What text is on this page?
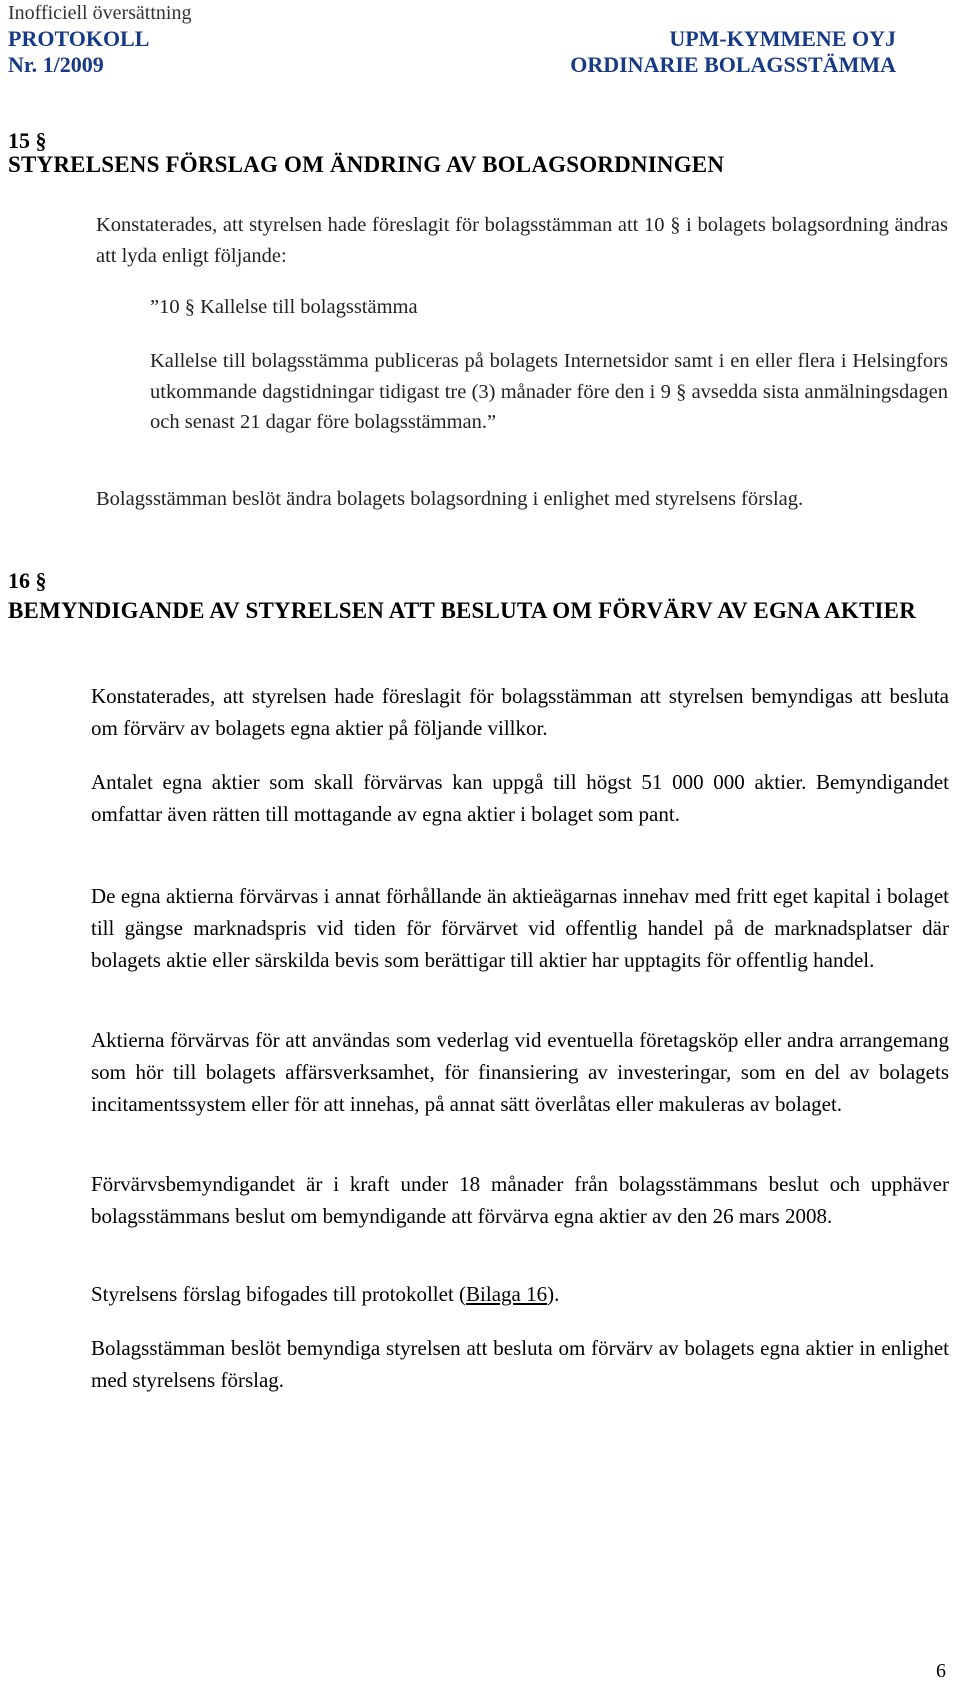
Inofficiell översättning
PROTOKOLL
Nr. 1/2009
UPM-KYMMENE OYJ
ORDINARIE BOLAGSSTÄMMA
15 §
STYRELSENS FÖRSLAG OM ÄNDRING AV BOLAGSORDNINGEN
Konstaterades, att styrelsen hade föreslagit för bolagsstämman att 10 § i bolagets bolagsordning ändras att lyda enligt följande:
”10 § Kallelse till bolagsstämma
Kallelse till bolagsstämma publiceras på bolagets Internetsidor samt i en eller flera i Helsingfors utkommande dagstidningar tidigast tre (3) månader före den i 9 § avsedda sista anmälningsdagen och senast 21 dagar före bolagsstämman.”
Bolagsstämman beslöt ändra bolagets bolagsordning i enlighet med styrelsens förslag.
16 §
BEMYNDIGANDE AV STYRELSEN ATT BESLUTA OM FÖRVÄRV AV EGNA AKTIER
Konstaterades, att styrelsen hade föreslagit för bolagsstämman att styrelsen bemyndigas att besluta om förvärv av bolagets egna aktier på följande villkor.
Antalet egna aktier som skall förvärvas kan uppgå till högst 51 000 000 aktier. Bemyndigandet omfattar även rätten till mottagande av egna aktier i bolaget som pant.
De egna aktierna förvärvas i annat förhållande än aktieägarnas innehav med fritt eget kapital i bolaget till gängse marknadspris vid tiden för förvärvet vid offentlig handel på de marknadsplatser där bolagets aktie eller särskilda bevis som berättigar till aktier har upptagits för offentlig handel.
Aktierna förvärvas för att användas som vederlag vid eventuella företagsköp eller andra arrangemang som hör till bolagets affärsverksamhet, för finansiering av investeringar, som en del av bolagets incitamentssystem eller för att innehas, på annat sätt överlåtas eller makuleras av bolaget.
Förvärvsbemyndigandet är i kraft under 18 månader från bolagsstämmans beslut och upphäver bolagsstämmans beslut om bemyndigande att förvärva egna aktier av den 26 mars 2008.
Styrelsens förslag bifogades till protokollet (Bilaga 16).
Bolagsstämman beslöt bemyndiga styrelsen att besluta om förvärv av bolagets egna aktier in enlighet med styrelsens förslag.
6
